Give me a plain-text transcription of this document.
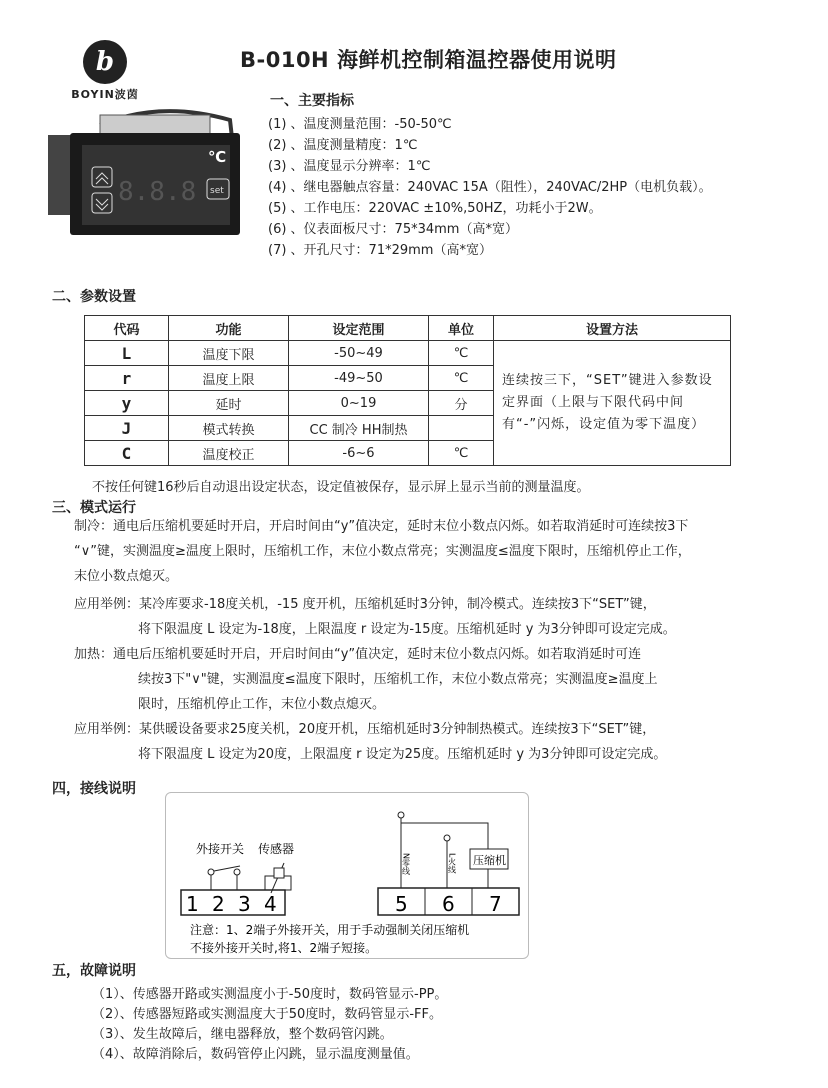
b
BOYIN波茵
B-010H 海鲜机控制箱温控器使用说明
℃
8.8.8 set
一、主要指标
(1) 、温度测量范围：-50-50℃
(2) 、温度测量精度：1℃
(3) 、温度显示分辨率：1℃
(4) 、继电器触点容量：240VAC 15A（阻性），240VAC/2HP（电机负载）。
(5) 、工作电压：220VAC ±10%,50HZ，功耗小于2W。
(6) 、仪表面板尺寸：75*34mm（高*宽）
(7) 、开孔尺寸：71*29mm（高*宽）
二、参数设置
代码	功能	设定范围	单位	设置方法
L	温度下限	-50~49	℃	连续按三下，“SET”键进入参数设定界面（上限与下限代码中间有“-”闪烁，设定值为零下温度）
r	温度上限	-49~50	℃	
y	延时	0~19	分	
J	模式转换	CC 制冷 HH制热		
C	温度校正	-6~6	℃	
不按任何键16秒后自动退出设定状态，设定值被保存，显示屏上显示当前的测量温度。
三、模式运行
制冷：通电后压缩机要延时开启，开启时间由“y”值决定，延时末位小数点闪烁。如若取消延时可连续按3下
“∨”键，实测温度≥温度上限时，压缩机工作，末位小数点常亮；实测温度≤温度下限时，压缩机停止工作，
末位小数点熄灭。
应用举例：某冷库要求-18度关机，-15 度开机，压缩机延时3分钟，制冷模式。连续按3下“SET”键，
将下限温度 L 设定为-18度，上限温度 r 设定为-15度。压缩机延时 y 为3分钟即可设定完成。
加热：通电后压缩机要延时开启，开启时间由“y”值决定，延时末位小数点闪烁。如若取消延时可连
续按3下"∨"键，实测温度≤温度下限时，压缩机工作，末位小数点常亮；实测温度≥温度上
限时，压缩机停止工作，末位小数点熄灭。
应用举例：某供暖设备要求25度关机，20度开机，压缩机延时3分钟制热模式。连续按3下“SET”键，
将下限温度 L 设定为20度，上限温度 r 设定为25度。压缩机延时 y 为3分钟即可设定完成。
四，接线说明
外接开关 传感器
1 2 3 4
压缩机
N零线	L火线
5 6 7
注意：1、2端子外接开关，用于手动强制关闭压缩机
不接外接开关时,将1、2端子短接。
五，故障说明
（1）、传感器开路或实测温度小于-50度时，数码管显示-PP。
（2）、传感器短路或实测温度大于50度时，数码管显示-FF。
（3）、发生故障后，继电器释放，整个数码管闪跳。
（4）、故障消除后，数码管停止闪跳，显示温度测量值。
